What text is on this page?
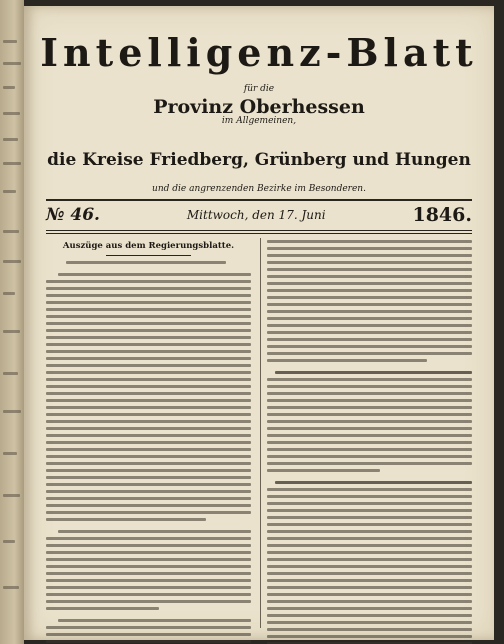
Intelligenz-Blatt
für die
Provinz Oberhessen
im Allgemeinen,
die Kreise Friedberg, Grünberg und Hungen
und die angrenzenden Bezirke im Besonderen.
№ 46.	Mittwoch, den 17. Juni	1846.
Auszüge aus dem Regierungsblatte.
